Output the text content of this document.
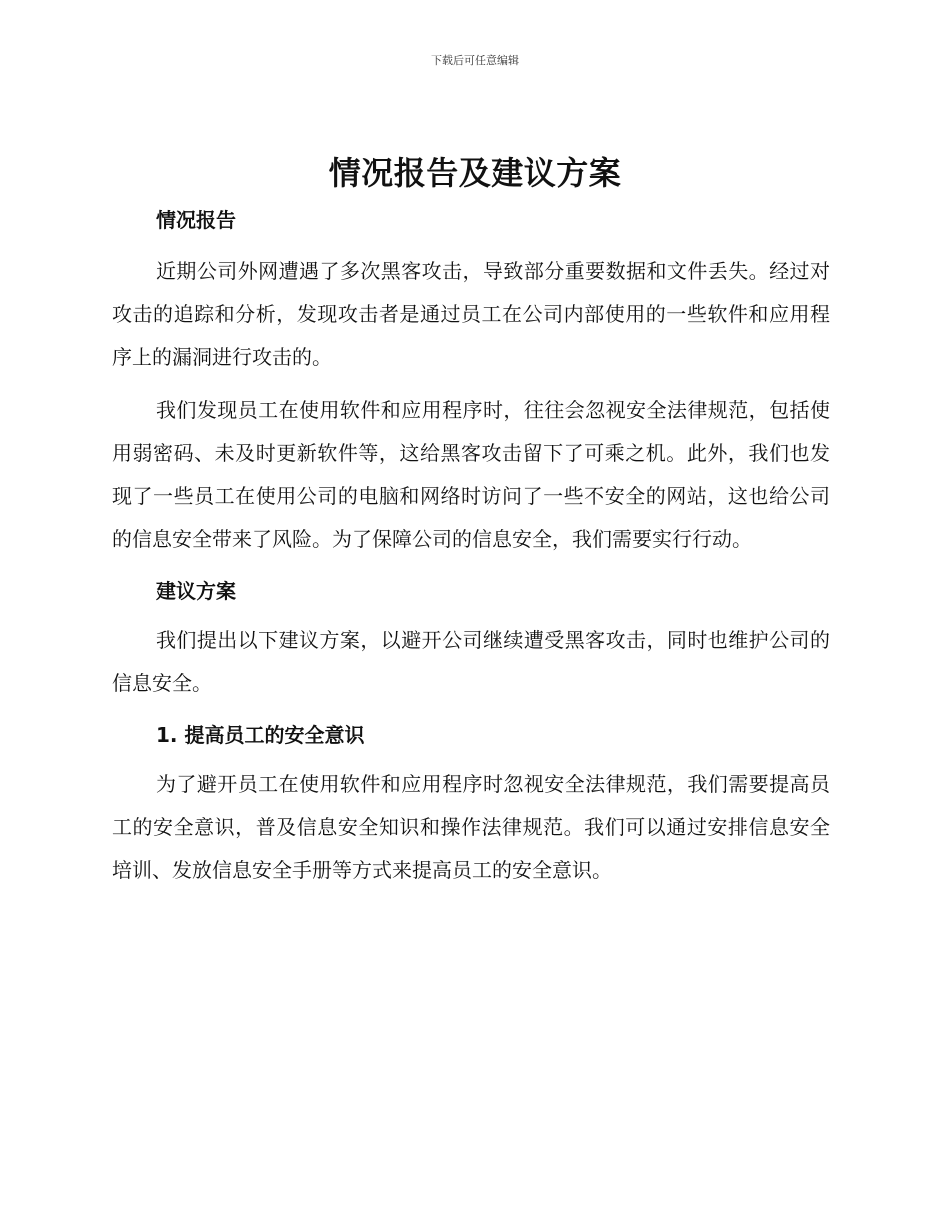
下载后可任意编辑
情况报告及建议方案
情况报告

近期公司外网遭遇了多次黑客攻击，导致部分重要数据和文件丢失。经过对攻击的追踪和分析，发现攻击者是通过员工在公司内部使用的一些软件和应用程序上的漏洞进行攻击的。

我们发现员工在使用软件和应用程序时，往往会忽视安全法律规范，包括使用弱密码、未及时更新软件等，这给黑客攻击留下了可乘之机。此外，我们也发现了一些员工在使用公司的电脑和网络时访问了一些不安全的网站，这也给公司的信息安全带来了风险。为了保障公司的信息安全，我们需要实行行动。

建议方案

我们提出以下建议方案，以避开公司继续遭受黑客攻击，同时也维护公司的信息安全。

1. 提高员工的安全意识

为了避开员工在使用软件和应用程序时忽视安全法律规范，我们需要提高员工的安全意识，普及信息安全知识和操作法律规范。我们可以通过安排信息安全培训、发放信息安全手册等方式来提高员工的安全意识。
